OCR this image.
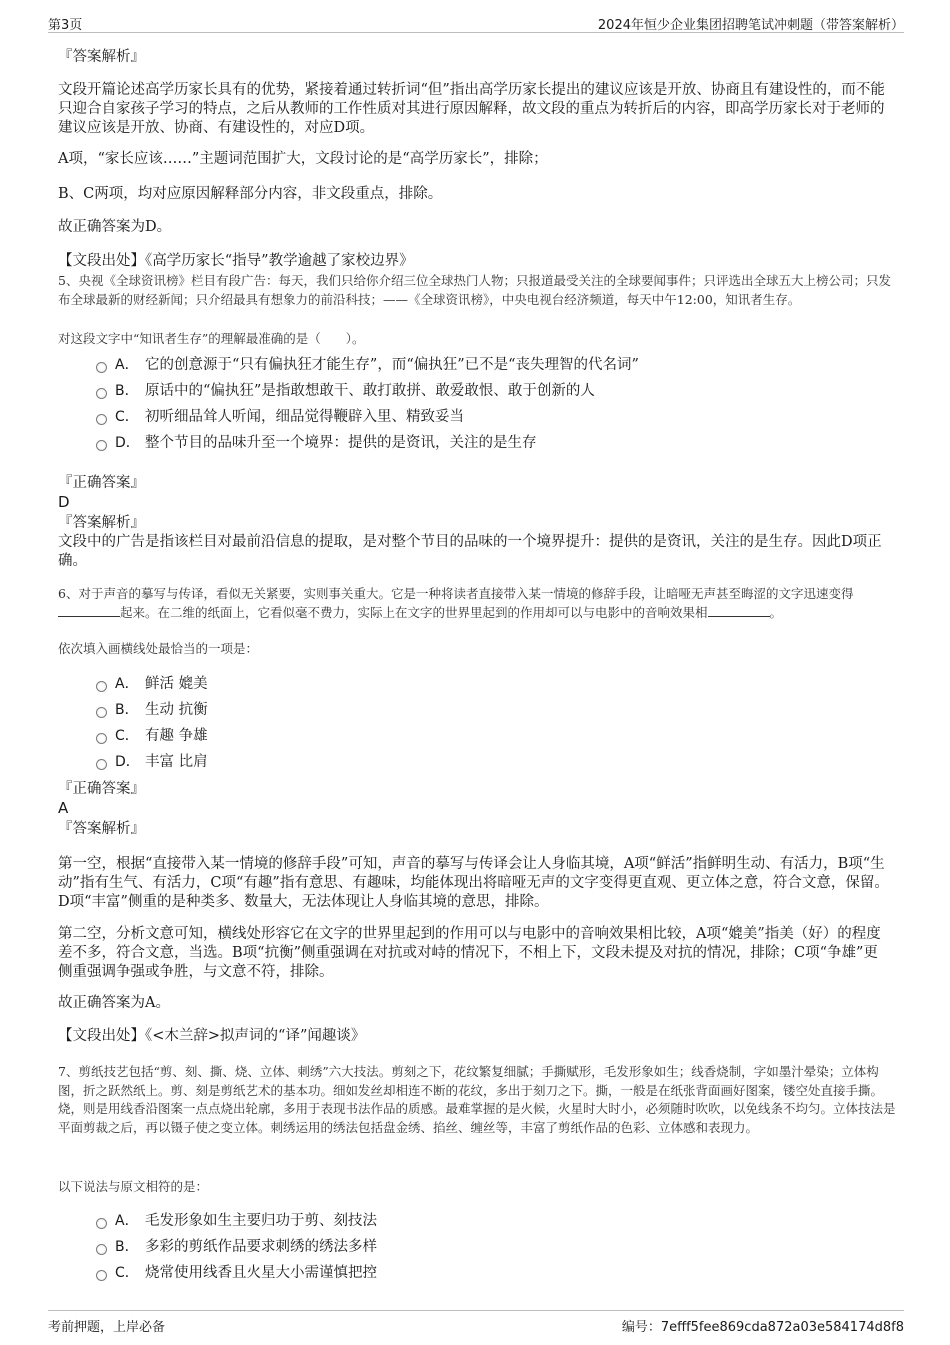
第3页	2024年恒少企业集团招聘笔试冲刺题（带答案解析）
『答案解析』
文段开篇论述高学历家长具有的优势，紧接着通过转折词“但”指出高学历家长提出的建议应该是开放、协商且有建设性的，而不能只迎合自家孩子学习的特点，之后从教师的工作性质对其进行原因解释，故文段的重点为转折后的内容，即高学历家长对于老师的建议应该是开放、协商、有建设性的，对应D项。
A项，“家长应该……”主题词范围扩大，文段讨论的是“高学历家长”，排除；
B、C两项，均对应原因解释部分内容，非文段重点，排除。
故正确答案为D。
【文段出处】《高学历家长“指导”教学逾越了家校边界》
5、央视《全球资讯榜》栏目有段广告：每天，我们只给你介绍三位全球热门人物；只报道最受关注的全球要闻事件；只评选出全球五大上榜公司；只发布全球最新的财经新闻；只介绍最具有想象力的前沿科技；——《全球资讯榜》，中央电视台经济频道，每天中午12:00，知讯者生存。
对这段文字中“知讯者生存”的理解最准确的是（　　）。
A． 它的创意源于“只有偏执狂才能生存”，而“偏执狂”已不是“丧失理智的代名词”
B． 原话中的“偏执狂”是指敢想敢干、敢打敢拼、敢爱敢恨、敢于创新的人
C． 初听细品耸人听闻，细品觉得鞭辟入里、精致妥当
D． 整个节目的品味升至一个境界：提供的是资讯，关注的是生存
『正确答案』
D
『答案解析』
文段中的广告是指该栏目对最前沿信息的提取，是对整个节目的品味的一个境界提升：提供的是资讯，关注的是生存。因此D项正确。
6、对于声音的摹写与传译，看似无关紧要，实则事关重大。它是一种将读者直接带入某一情境的修辞手段，让暗哑无声甚至晦涩的文字迅速变得起来。在二维的纸面上，它看似毫不费力，实际上在文字的世界里起到的作用却可以与电影中的音响效果相	。
依次填入画横线处最恰当的一项是：
A． 鲜活 媲美
B． 生动 抗衡
C． 有趣 争雄
D． 丰富 比肩
『正确答案』
A
『答案解析』
第一空，根据“直接带入某一情境的修辞手段”可知，声音的摹写与传译会让人身临其境，A项“鲜活”指鲜明生动、有活力，B项“生动”指有生气、有活力，C项“有趣”指有意思、有趣味，均能体现出将暗哑无声的文字变得更直观、更立体之意，符合文意，保留。D项“丰富”侧重的是种类多、数量大，无法体现让人身临其境的意思，排除。
第二空，分析文意可知，横线处形容它在文字的世界里起到的作用可以与电影中的音响效果相比较，A项“媲美”指美（好）的程度差不多，符合文意，当选。B项“抗衡”侧重强调在对抗或对峙的情况下，不相上下，文段未提及对抗的情况，排除；C项“争雄”更侧重强调争强或争胜，与文意不符，排除。
故正确答案为A。
【文段出处】《<木兰辞>拟声词的“译”闻趣谈》
7、剪纸技艺包括“剪、刻、撕、烧、立体、刺绣”六大技法。剪刻之下，花纹繁复细腻；手撕赋形，毛发形象如生；线香烧制，字如墨汁晕染；立体构图，折之跃然纸上。剪、刻是剪纸艺术的基本功。细如发丝却相连不断的花纹，多出于刻刀之下。撕，一般是在纸张背面画好图案，镂空处直接手撕。烧，则是用线香沿图案一点点烧出轮廓，多用于表现书法作品的质感。最难掌握的是火候，火星时大时小，必须随时吹吹，以免线条不均匀。立体技法是平面剪裁之后，再以镊子使之变立体。刺绣运用的绣法包括盘金绣、掐丝、缠丝等，丰富了剪纸作品的色彩、立体感和表现力。
以下说法与原文相符的是：
A． 毛发形象如生主要归功于剪、刻技法
B． 多彩的剪纸作品要求刺绣的绣法多样
C． 烧常使用线香且火星大小需谨慎把控
考前押题，上岸必备	编号：7efff5fee869cda872a03e584174d8f8
